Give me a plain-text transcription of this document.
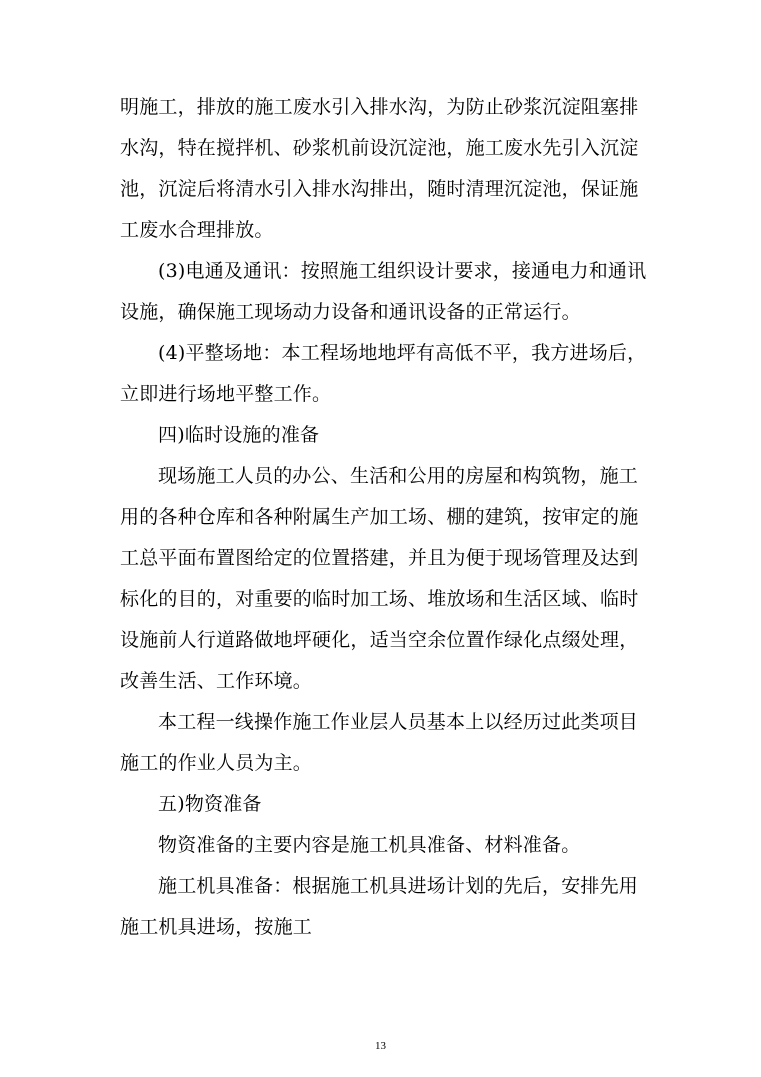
明施工，排放的施工废水引入排水沟，为防止砂浆沉淀阻塞排
水沟，特在搅拌机、砂浆机前设沉淀池，施工废水先引入沉淀
池，沉淀后将清水引入排水沟排出，随时清理沉淀池，保证施
工废水合理排放。
(3)电通及通讯：按照施工组织设计要求，接通电力和通讯
设施，确保施工现场动力设备和通讯设备的正常运行。
(4)平整场地：本工程场地地坪有高低不平，我方进场后，
立即进行场地平整工作。
四)临时设施的准备
现场施工人员的办公、生活和公用的房屋和构筑物，施工
用的各种仓库和各种附属生产加工场、棚的建筑，按审定的施
工总平面布置图给定的位置搭建，并且为便于现场管理及达到
标化的目的，对重要的临时加工场、堆放场和生活区域、临时
设施前人行道路做地坪硬化，适当空余位置作绿化点缀处理，
改善生活、工作环境。
本工程一线操作施工作业层人员基本上以经历过此类项目
施工的作业人员为主。
五)物资准备
物资准备的主要内容是施工机具准备、材料准备。
施工机具准备：根据施工机具进场计划的先后，安排先用
施工机具进场，按施工
13
